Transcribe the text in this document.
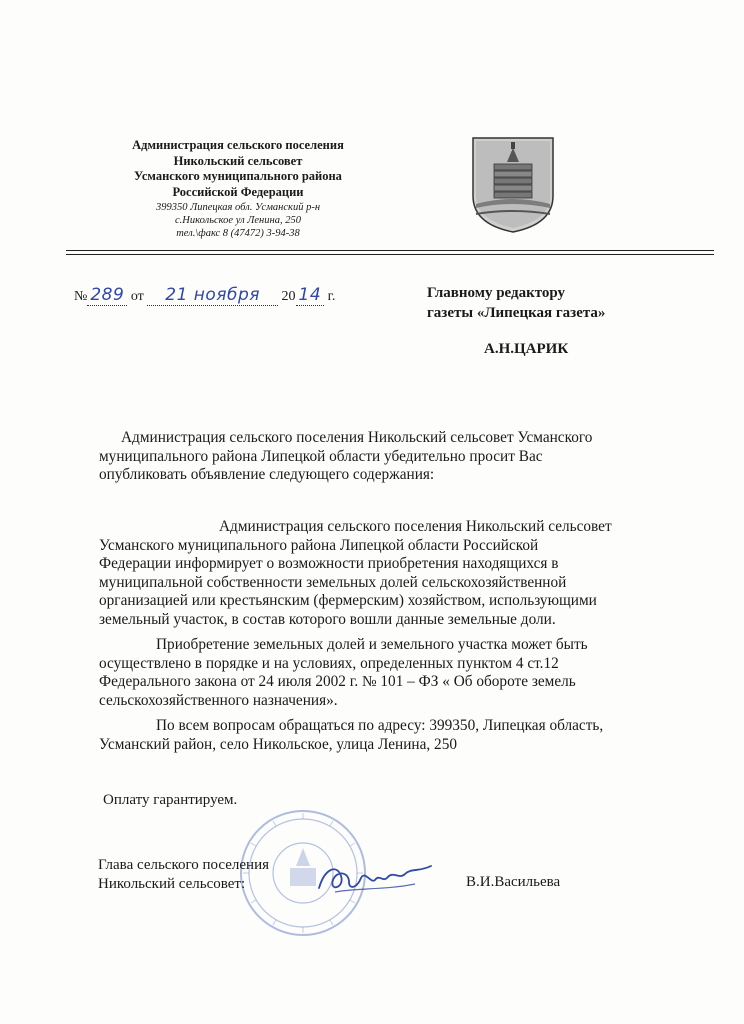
Администрация сельского поселения
Никольский сельсовет
Усманского муниципального района
Российской Федерации
399350 Липецкая обл. Усманский р-н
с.Никольское ул Ленина, 250
тел.\факс 8 (47472) 3-94-38
№ 289 от 21 ноября 20 14 г.	Главному редактору
газеты «Липецкая газета»
А.Н.ЦАРИК
Администрация сельского поселения Никольский сельсовет Усманского
муниципального района Липецкой области убедительно просит Вас
опубликовать объявление следующего содержания:
Администрация сельского поселения Никольский сельсовет
Усманского муниципального района Липецкой области Российской
Федерации информирует о возможности приобретения находящихся в
муниципальной собственности земельных долей сельскохозяйственной
организацией или крестьянским (фермерским) хозяйством, использующими
земельный участок, в состав которого вошли данные земельные доли.
Приобретение земельных долей и земельного участка может быть
осуществлено в порядке и на условиях, определенных пунктом 4 ст.12
Федерального закона от 24 июля 2002 г. № 101 – ФЗ « Об обороте земель
сельскохозяйственного назначения».
По всем вопросам обращаться по адресу: 399350, Липецкая область,
Усманский район, село Никольское, улица Ленина, 250
Оплату гарантируем.
Глава сельского поселения
Никольский сельсовет:	В.И.Васильева
